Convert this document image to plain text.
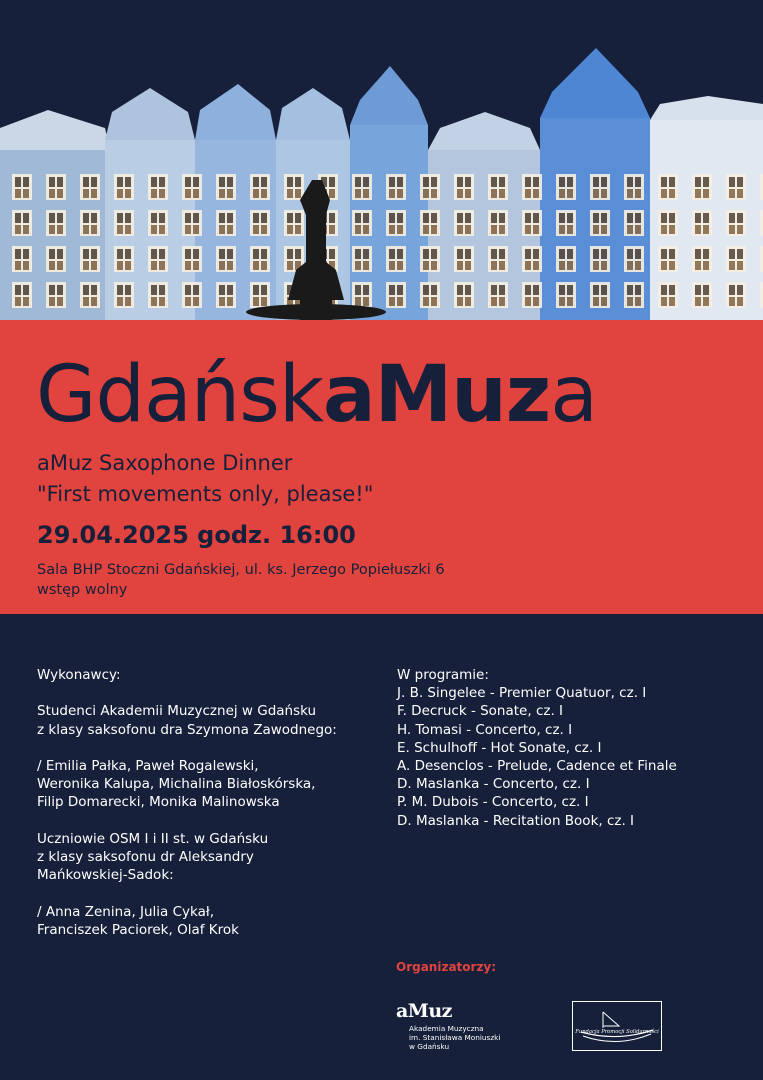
GdańskaMuza
aMuz Saxophone Dinner
"First movements only, please!"
29.04.2025 godz. 16:00
Sala BHP Stoczni Gdańskiej, ul. ks. Jerzego Popiełuszki 6
wstęp wolny
Wykonawcy:
Studenci Akademii Muzycznej w Gdańsku
z klasy saksofonu dra Szymona Zawodnego:
/ Emilia Pałka, Paweł Rogalewski,
Weronika Kalupa, Michalina Białoskórska,
Filip Domarecki, Monika Malinowska
Uczniowie OSM I i II st. w Gdańsku
z klasy saksofonu dr Aleksandry
Mańkowskiej-Sadok:
/ Anna Zenina, Julia Cykał,
Franciszek Paciorek, Olaf Krok
W programie:
J. B. Singelee - Premier Quatuor, cz. I
F. Decruck - Sonate, cz. I
H. Tomasi - Concerto, cz. I
E. Schulhoff - Hot Sonate, cz. I
A. Desenclos - Prelude, Cadence et Finale
D. Maslanka - Concerto, cz. I
P. M. Dubois - Concerto, cz. I
D. Maslanka - Recitation Book, cz. I
Organizatorzy:
aMuz
Akademia Muzyczna
im. Stanisława Moniuszki
w Gdańsku
Fundacja Promocji Solidarności
